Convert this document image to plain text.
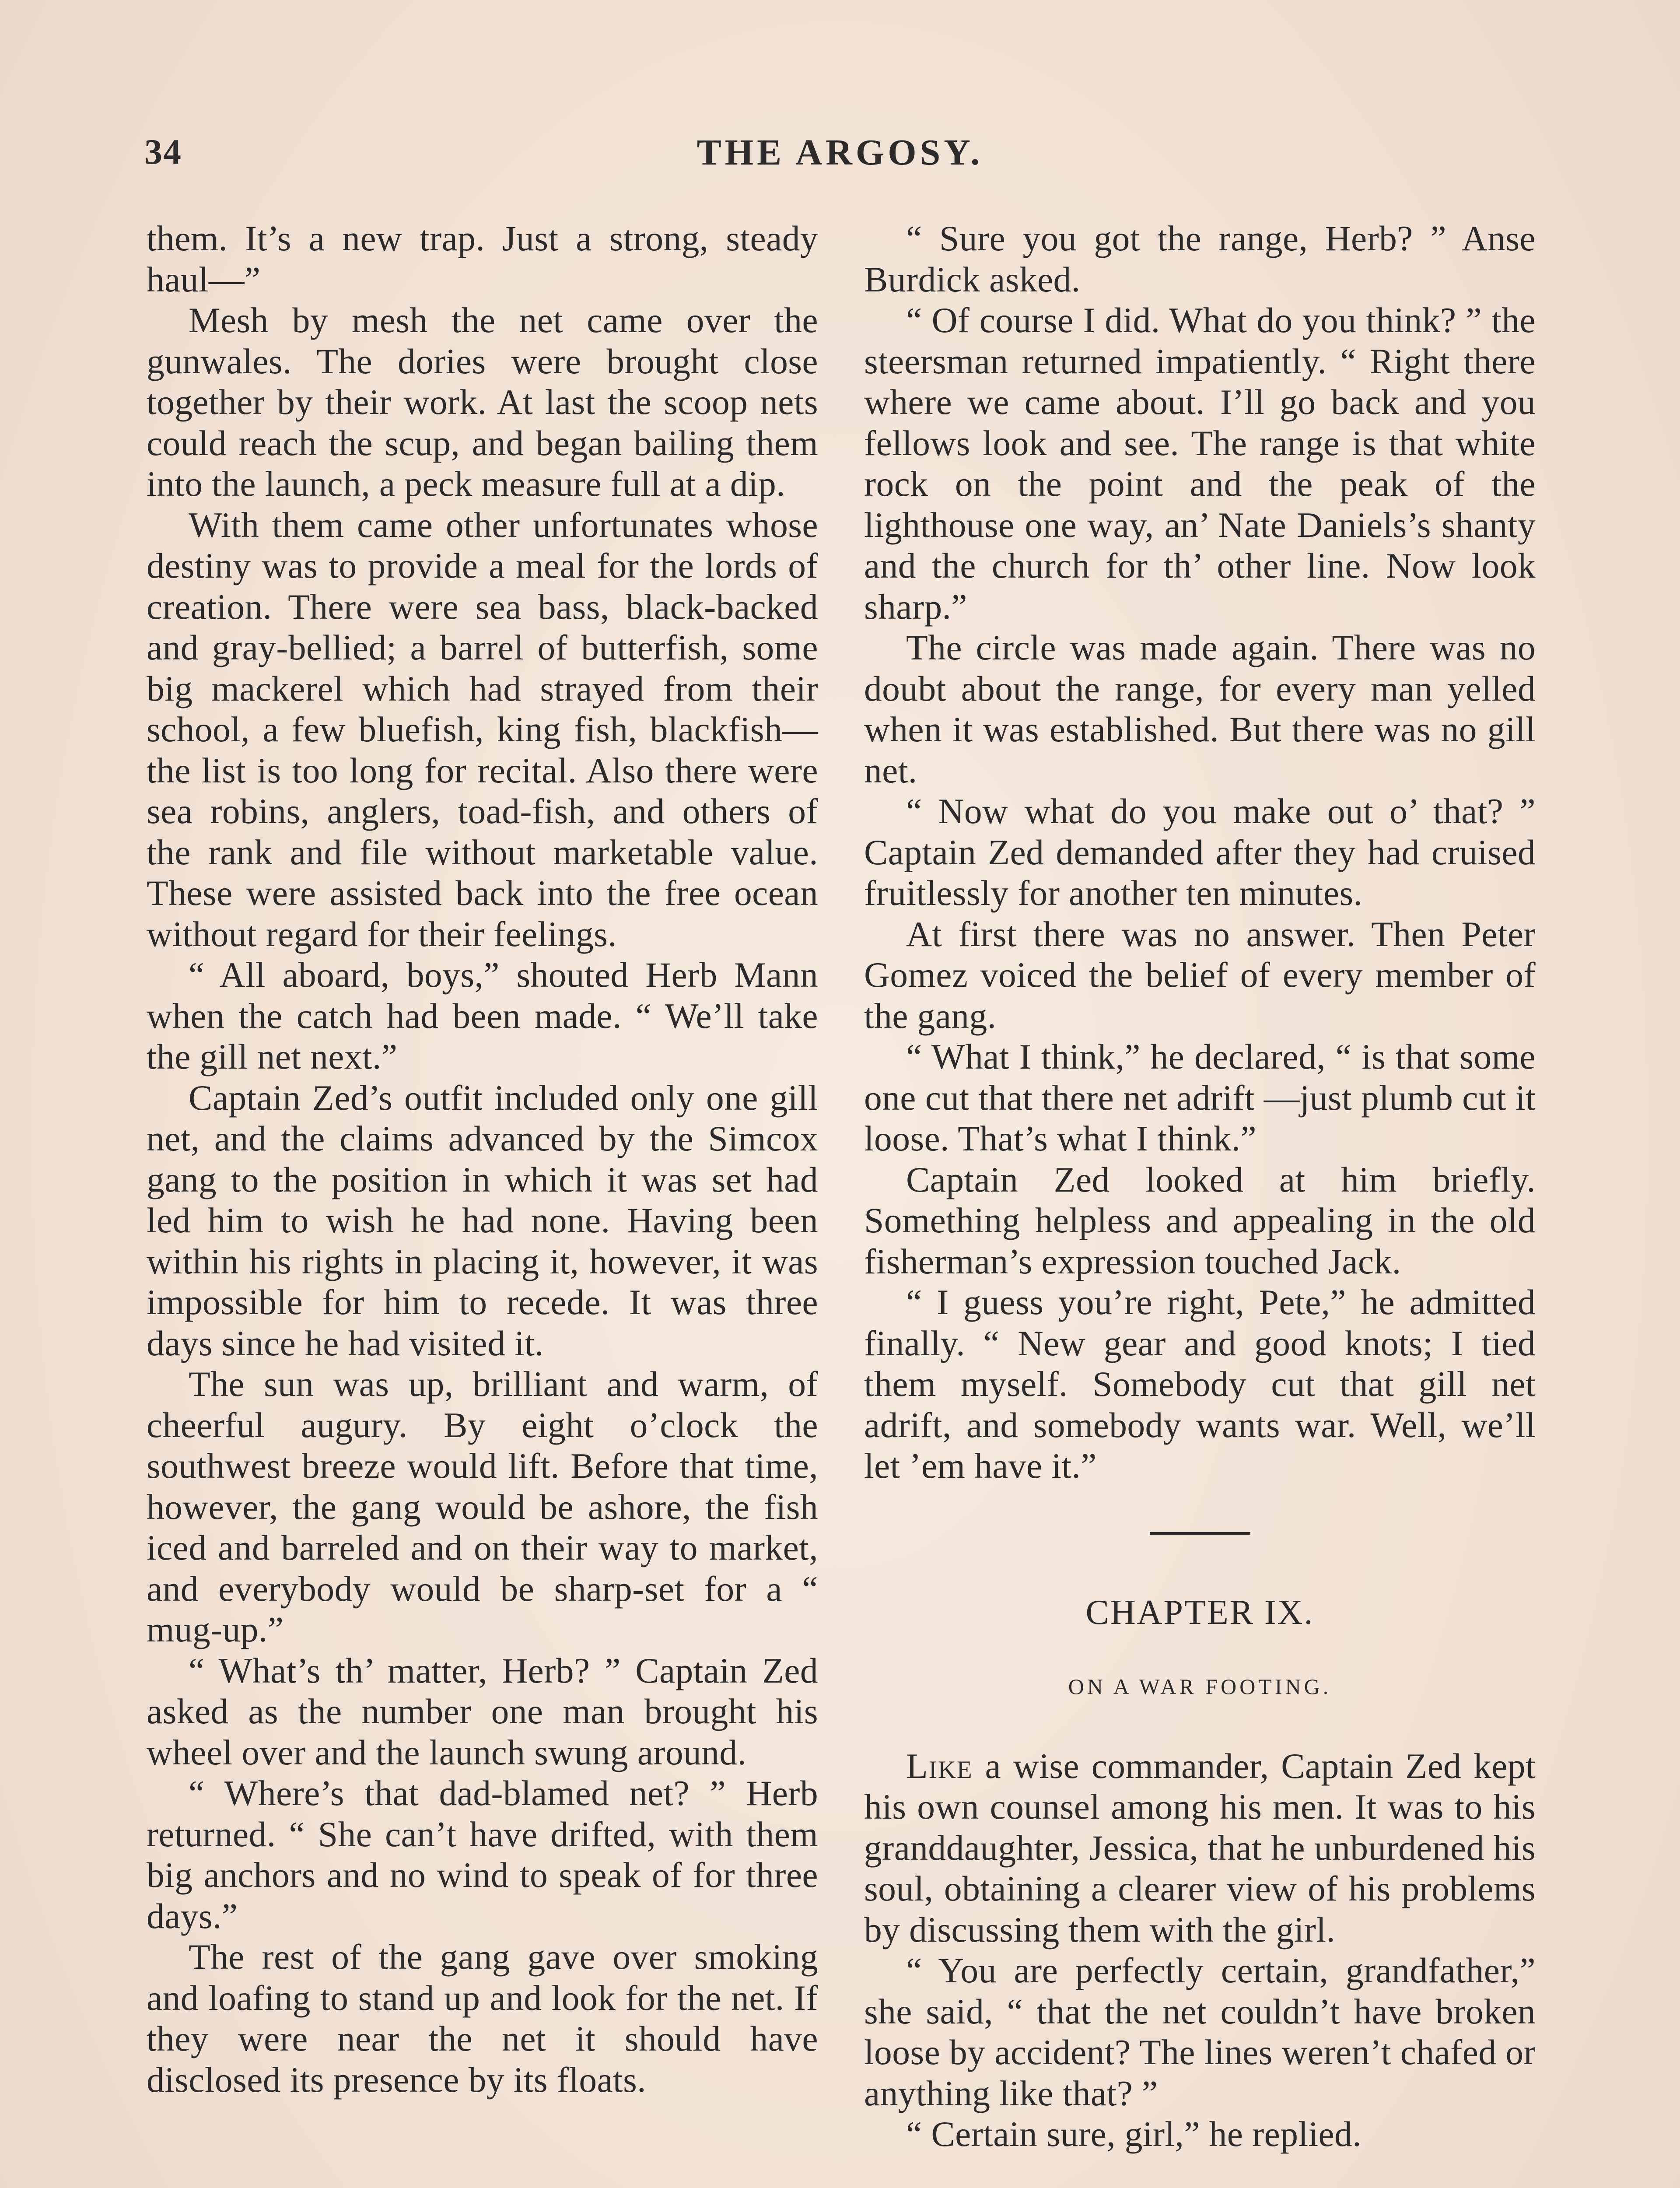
34	THE ARGOSY.

them. It’s a new trap. Just a strong, steady haul—”

Mesh by mesh the net came over the gunwales. The dories were brought close together by their work. At last the scoop nets could reach the scup, and began bailing them into the launch, a peck measure full at a dip.

With them came other unfortunates whose destiny was to provide a meal for the lords of creation. There were sea bass, black-backed and gray-bellied; a barrel of butterfish, some big mackerel which had strayed from their school, a few bluefish, king fish, blackfish—the list is too long for recital. Also there were sea robins, anglers, toad-fish, and others of the rank and file without marketable value. These were assisted back into the free ocean without regard for their feelings.

“ All aboard, boys,” shouted Herb Mann when the catch had been made. “ We’ll take the gill net next.”

Captain Zed’s outfit included only one gill net, and the claims advanced by the Simcox gang to the position in which it was set had led him to wish he had none. Having been within his rights in placing it, however, it was impossible for him to recede. It was three days since he had visited it.

The sun was up, brilliant and warm, of cheerful augury. By eight o’clock the southwest breeze would lift. Before that time, however, the gang would be ashore, the fish iced and barreled and on their way to market, and everybody would be sharp-set for a “ mug-up.”

“ What’s th’ matter, Herb? ” Captain Zed asked as the number one man brought his wheel over and the launch swung around.

“ Where’s that dad-blamed net? ” Herb returned. “ She can’t have drifted, with them big anchors and no wind to speak of for three days.”

The rest of the gang gave over smoking and loafing to stand up and look for the net. If they were near the net it should have disclosed its presence by its floats.

“ Sure you got the range, Herb? ” Anse Burdick asked.

“ Of course I did. What do you think? ” the steersman returned impatiently. “ Right there where we came about. I’ll go back and you fellows look and see. The range is that white rock on the point and the peak of the lighthouse one way, an’ Nate Daniels’s shanty and the church for th’ other line. Now look sharp.”

The circle was made again. There was no doubt about the range, for every man yelled when it was established. But there was no gill net.

“ Now what do you make out o’ that? ” Captain Zed demanded after they had cruised fruitlessly for another ten minutes.

At first there was no answer. Then Peter Gomez voiced the belief of every member of the gang.

“ What I think,” he declared, “ is that some one cut that there net adrift —just plumb cut it loose. That’s what I think.”

Captain Zed looked at him briefly. Something helpless and appealing in the old fisherman’s expression touched Jack.

“ I guess you’re right, Pete,” he admitted finally. “ New gear and good knots; I tied them myself. Somebody cut that gill net adrift, and somebody wants war. Well, we’ll let ’em have it.”

CHAPTER IX.
ON A WAR FOOTING.

Like a wise commander, Captain Zed kept his own counsel among his men. It was to his granddaughter, Jessica, that he unburdened his soul, obtaining a clearer view of his problems by discussing them with the girl.

“ You are perfectly certain, grandfather,” she said, “ that the net couldn’t have broken loose by accident? The lines weren’t chafed or anything like that? ”

“ Certain sure, girl,” he replied.
